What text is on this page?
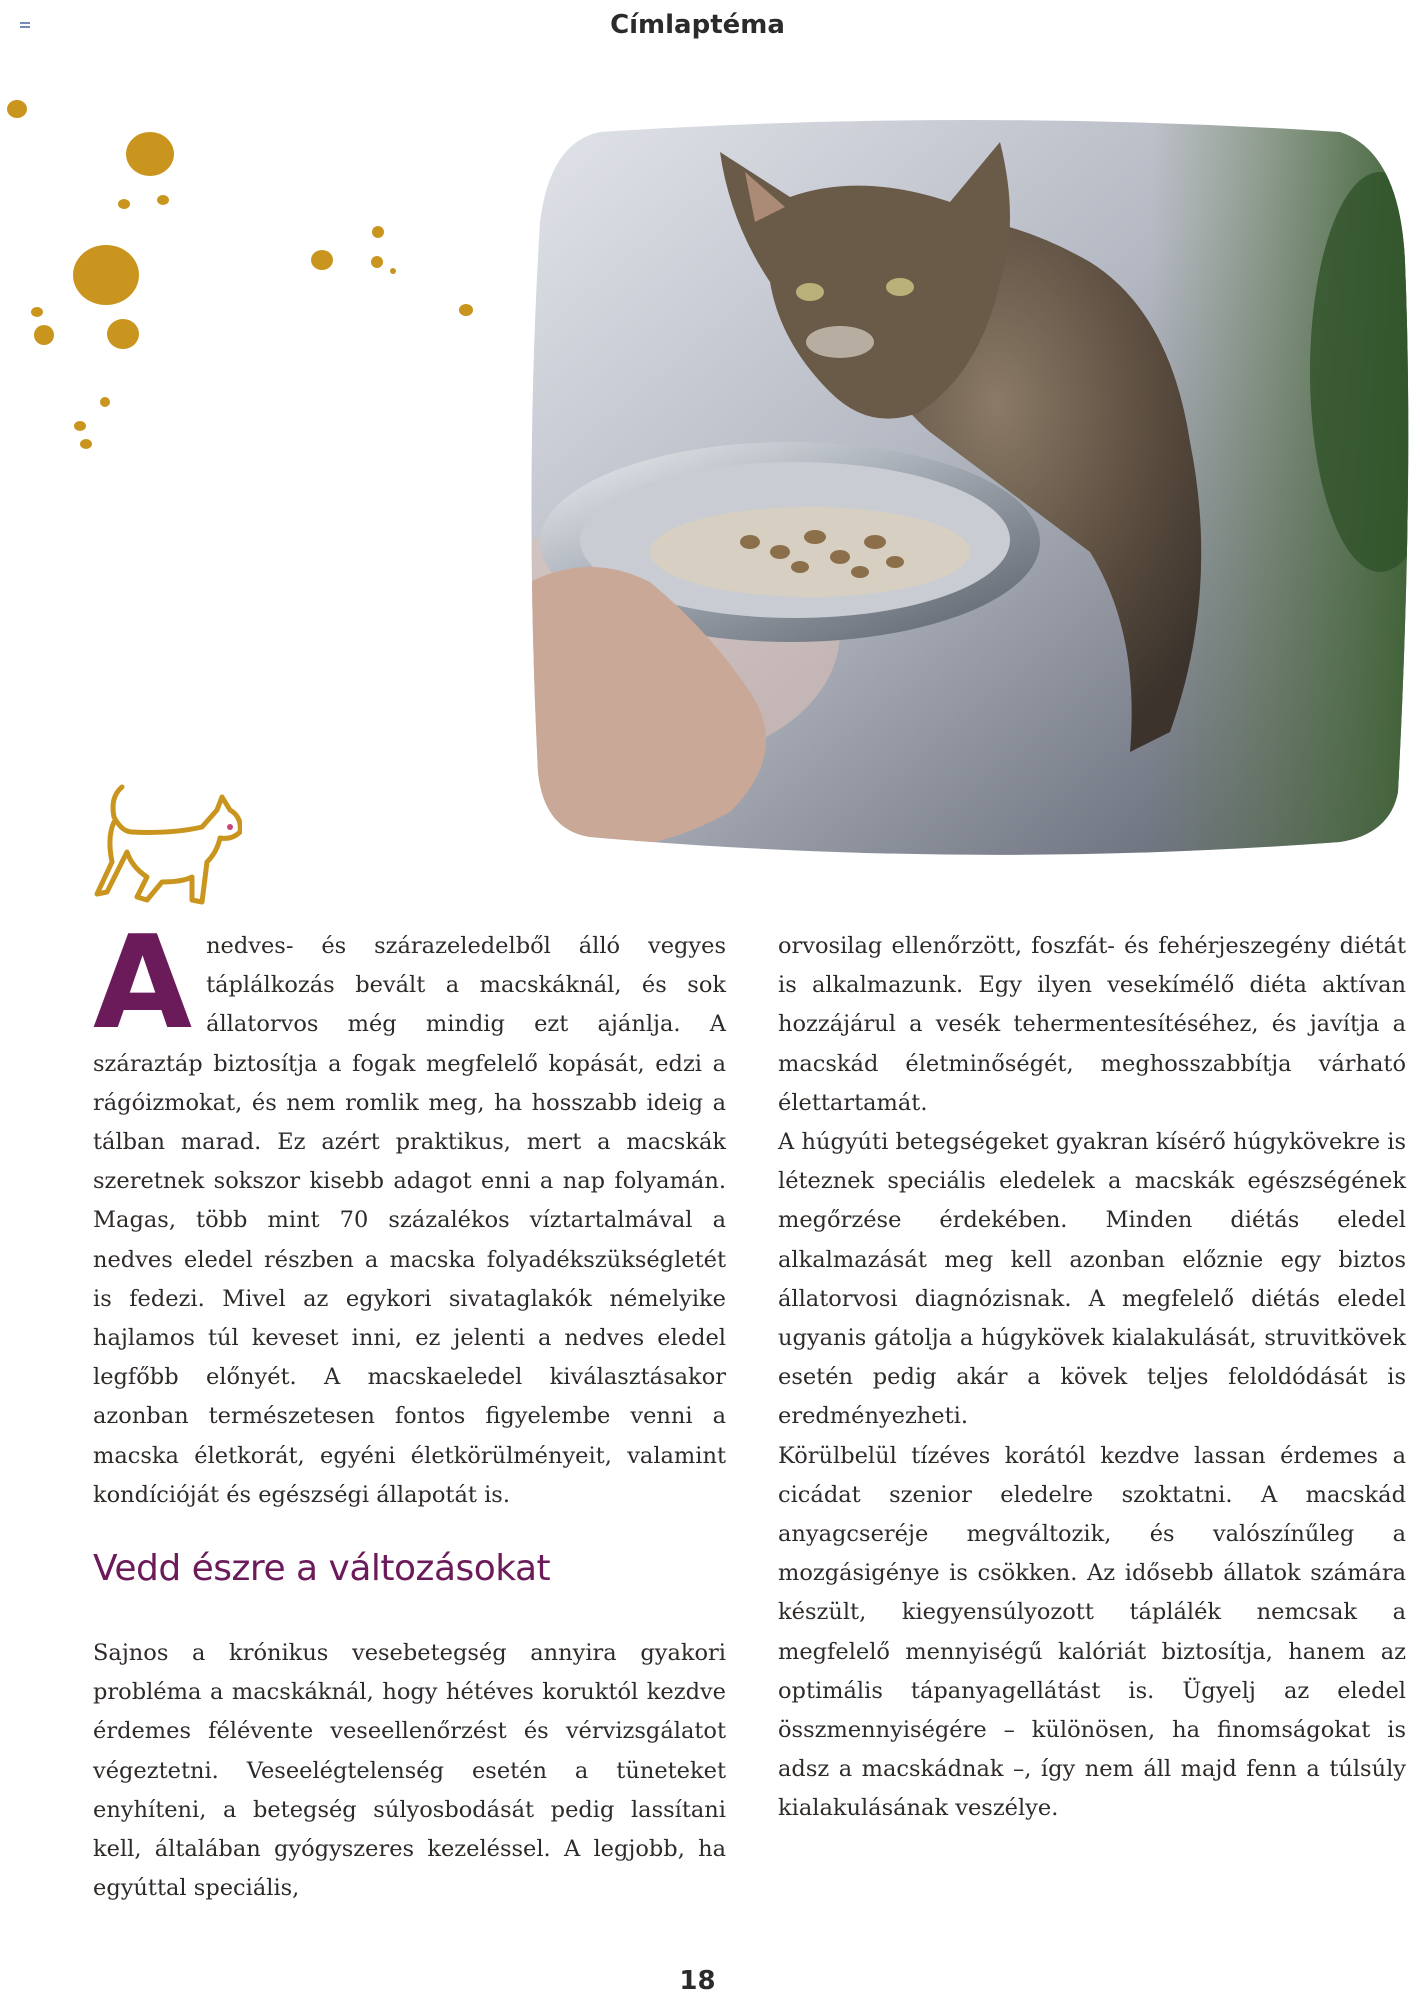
Címlaptéma
A nedves- és szárazeledelből álló vegyes táplálkozás bevált a macskáknál, és sok állatorvos még mindig ezt ajánlja. A száraztáp biztosítja a fogak megfelelő kopását, edzi a rágóizmokat, és nem romlik meg, ha hosszabb ideig a tálban marad. Ez azért praktikus, mert a macskák szeretnek sokszor kisebb adagot enni a nap folyamán. Magas, több mint 70 százalékos víztartalmával a nedves eledel részben a macska folyadékszükségletét is fedezi. Mivel az egykori sivataglakók némelyike hajlamos túl keveset inni, ez jelenti a nedves eledel legfőbb előnyét. A macskaeledel kiválasztásakor azonban természetesen fontos figyelembe venni a macska életkorát, egyéni életkörülményeit, valamint kondícióját és egészségi állapotát is.

Vedd észre a változásokat

Sajnos a krónikus vesebetegség annyira gyakori probléma a macskáknál, hogy hétéves koruktól kezdve érdemes félévente veseellenőrzést és vérvizsgálatot végeztetni. Veseelégtelenség esetén a tüneteket enyhíteni, a betegség súlyosbodását pedig lassítani kell, általában gyógyszeres kezeléssel. A legjobb, ha egyúttal speciális,

orvosilag ellenőrzött, foszfát- és fehérjeszegény diétát is alkalmazunk. Egy ilyen vesekímélő diéta aktívan hozzájárul a vesék tehermentesítéséhez, és javítja a macskád életminőségét, meghosszabbítja várható élettartamát.

A húgyúti betegségeket gyakran kísérő húgykövekre is léteznek speciális eledelek a macskák egészségének megőrzése érdekében. Minden diétás eledel alkalmazását meg kell azonban előznie egy biztos állatorvosi diagnózisnak. A megfelelő diétás eledel ugyanis gátolja a húgykövek kialakulását, struvitkövek esetén pedig akár a kövek teljes feloldódását is eredményezheti.

Körülbelül tízéves korától kezdve lassan érdemes a cicádat szenior eledelre szoktatni. A macskád anyagcseréje megváltozik, és valószínűleg a mozgásigénye is csökken. Az idősebb állatok számára készült, kiegyensúlyozott táplálék nemcsak a megfelelő mennyiségű kalóriát biztosítja, hanem az optimális tápanyagellátást is. Ügyelj az eledel összmennyiségére – különösen, ha finomságokat is adsz a macskádnak –, így nem áll majd fenn a túlsúly kialakulásának veszélye.

18
